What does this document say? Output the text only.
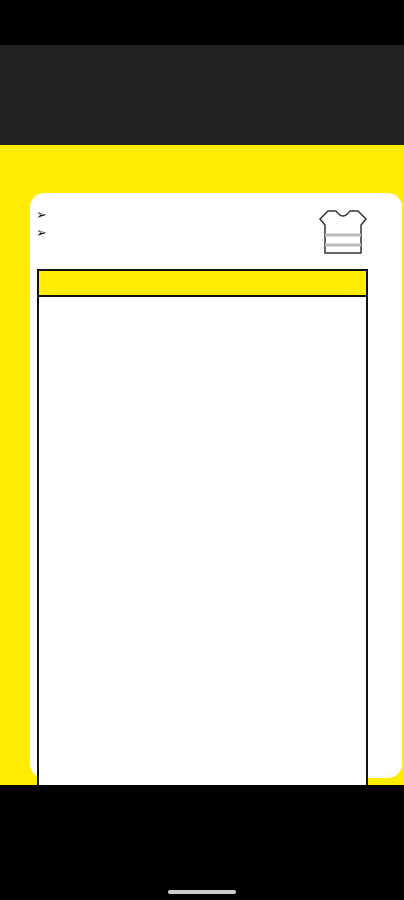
➢
➢
